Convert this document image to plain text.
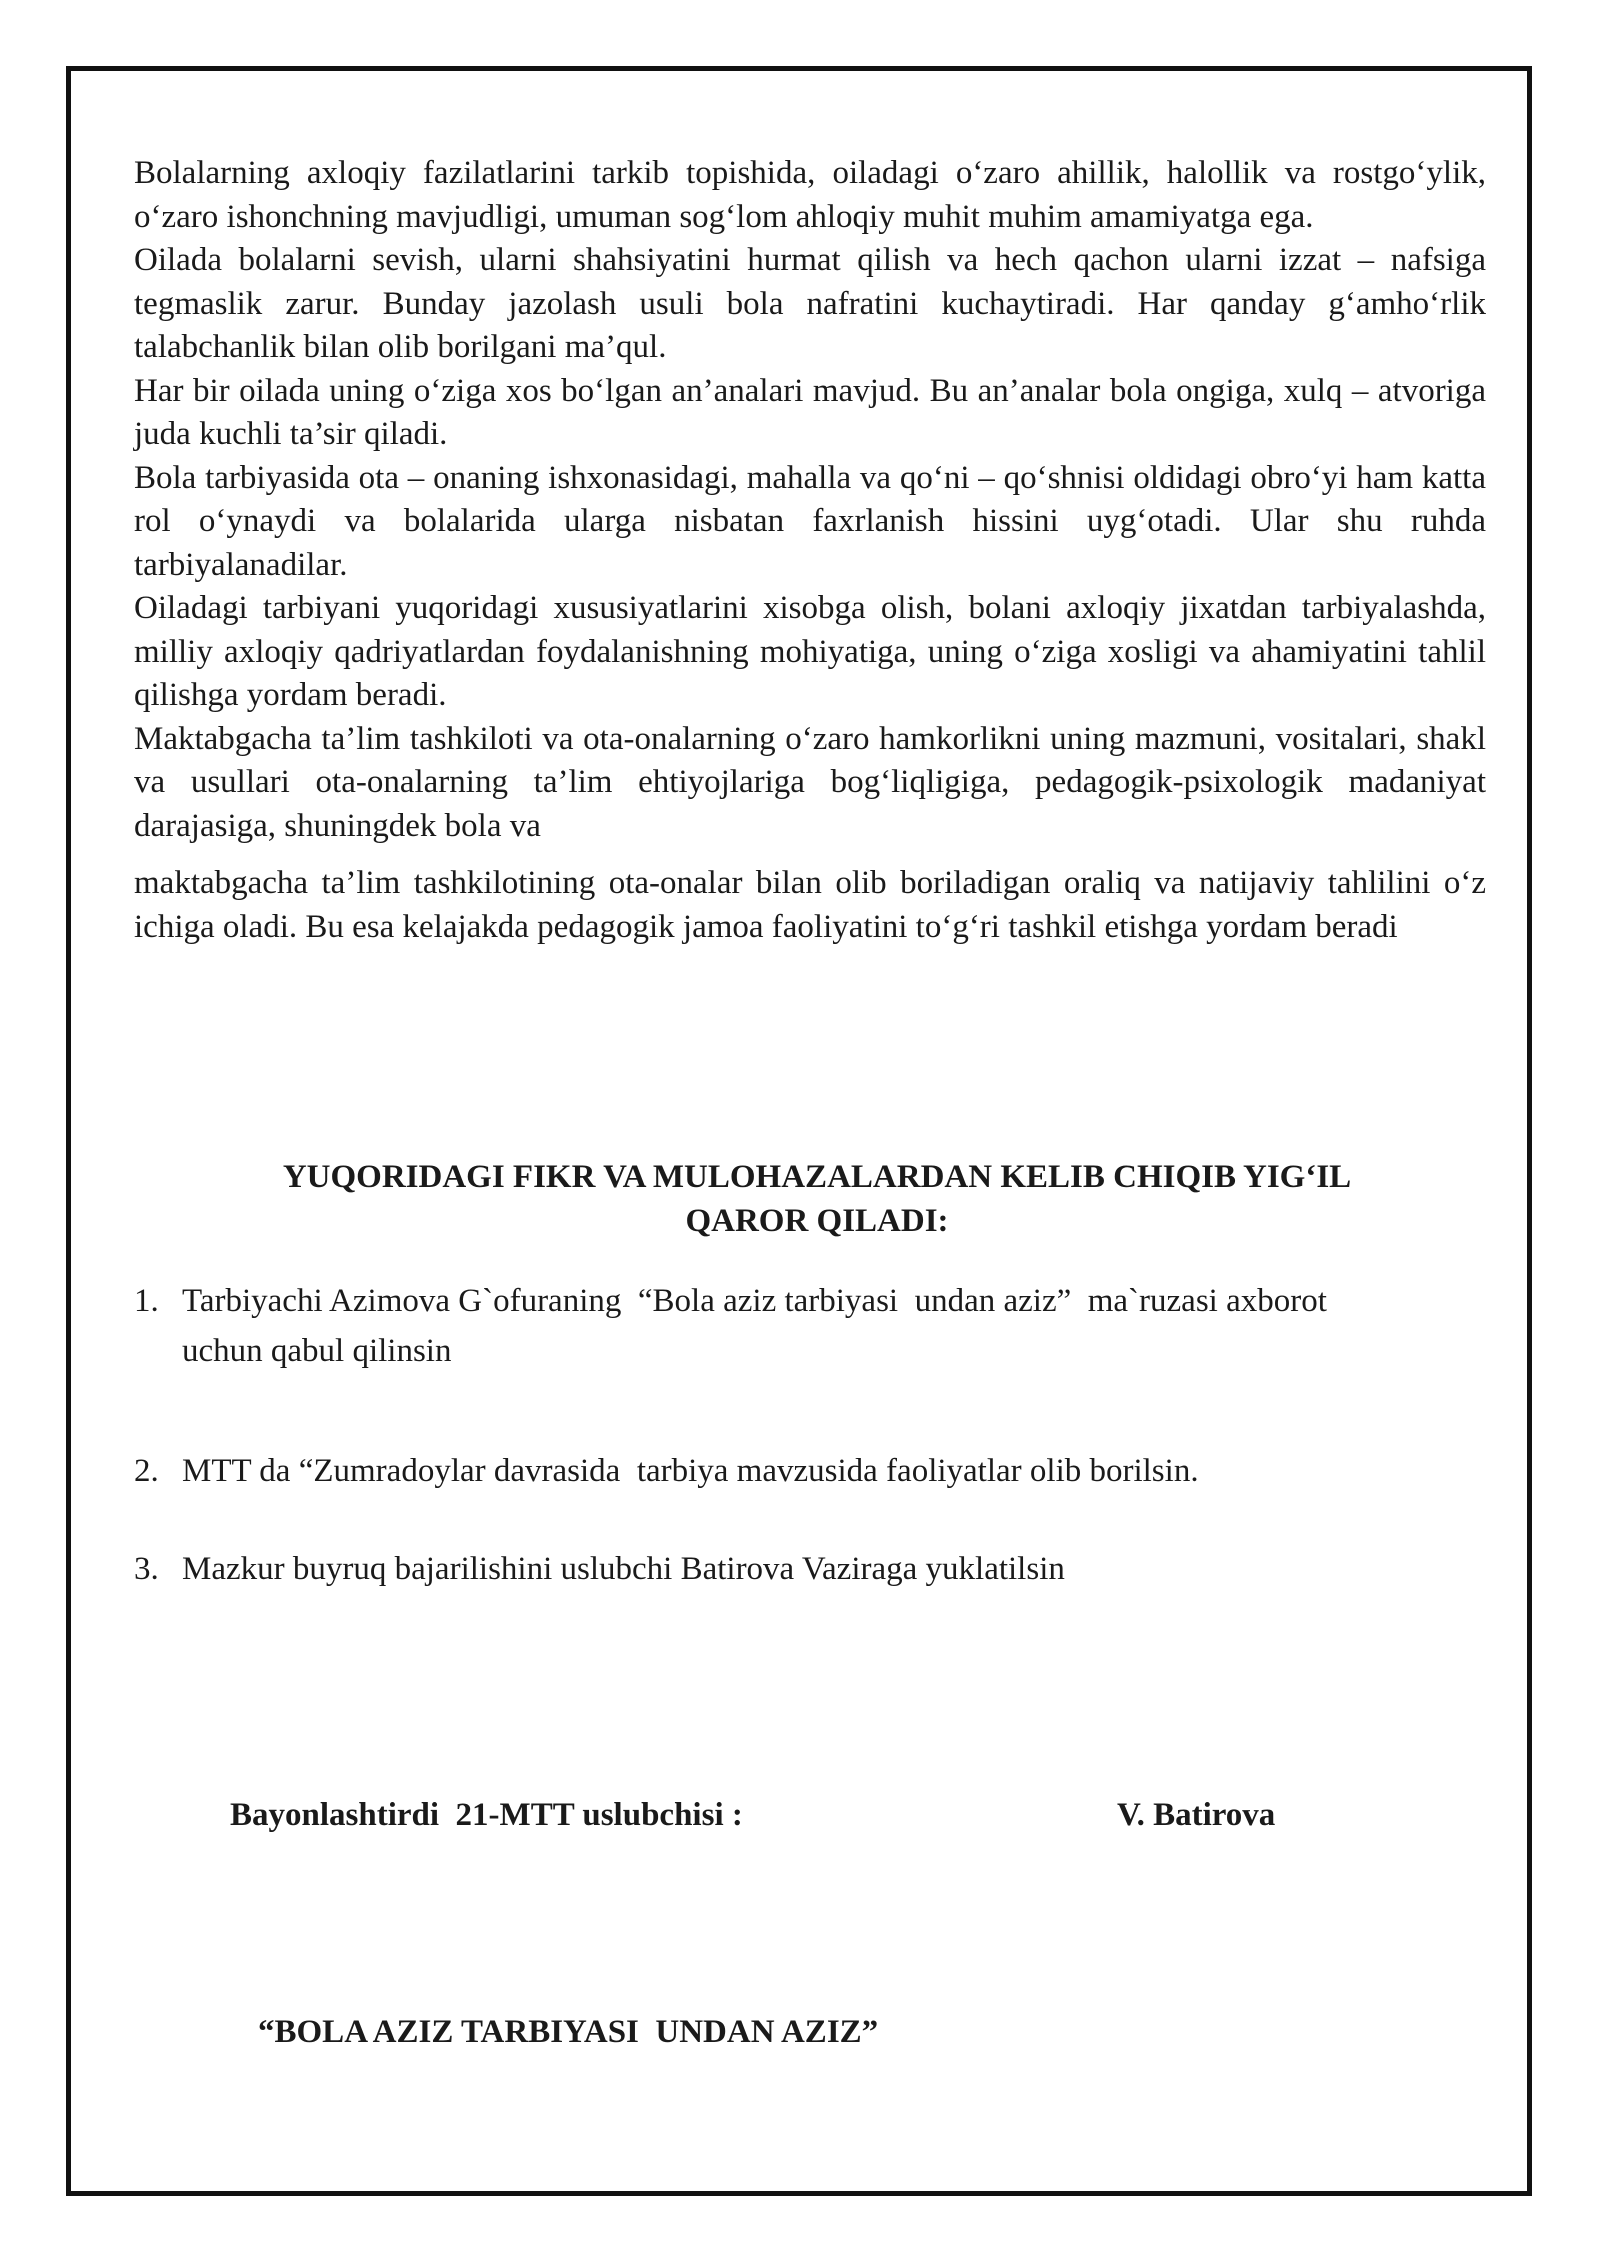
Bolalarning axloqiy fazilatlarini tarkib topishida, oiladagi o‘zaro ahillik, halollik va rostgo‘ylik, o‘zaro ishonchning mavjudligi, umuman sog‘lom ahloqiy muhit muhim amamiyatga ega.

Oilada bolalarni sevish, ularni shahsiyatini hurmat qilish va hech qachon ularni izzat – nafsiga tegmaslik zarur. Bunday jazolash usuli bola nafratini kuchaytiradi. Har qanday g‘amho‘rlik talabchanlik bilan olib borilgani ma’qul.

Har bir oilada uning o‘ziga xos bo‘lgan an’analari mavjud. Bu an’analar bola ongiga, xulq – atvoriga juda kuchli ta’sir qiladi.

Bola tarbiyasida ota – onaning ishxonasidagi, mahalla va qo‘ni – qo‘shnisi oldidagi obro‘yi ham katta rol o‘ynaydi va bolalarida ularga nisbatan faxrlanish hissini uyg‘otadi. Ular shu ruhda tarbiyalanadilar.

Oiladagi tarbiyani yuqoridagi xususiyatlarini xisobga olish, bolani axloqiy jixatdan tarbiyalashda, milliy axloqiy qadriyatlardan foydalanishning mohiyatiga, uning o‘ziga xosligi va ahamiyatini tahlil qilishga yordam beradi.

Maktabgacha ta’lim tashkiloti va ota-onalarning o‘zaro hamkorlikni uning mazmuni, vositalari, shakl va usullari ota-onalarning ta’lim ehtiyojlariga bog‘liqligiga, pedagogik-psixologik madaniyat darajasiga, shuningdek bola va

maktabgacha ta’lim tashkilotining ota-onalar bilan olib boriladigan oraliq va natijaviy tahlilini o‘z ichiga oladi. Bu esa kelajakda pedagogik jamoa faoliyatini to‘g‘ri tashkil etishga yordam beradi

YUQORIDAGI FIKR VA MULOHAZALARDAN KELIB CHIQIB YIG‘IL
QAROR QILADI:
1. Tarbiyachi Azimova G`ofuraning  “Bola aziz tarbiyasi  undan aziz”  ma`ruzasi axborot     uchun qabul qilinsin
2. MTT da “Zumradoylar davrasida  tarbiya mavzusida faoliyatlar olib borilsin.
3. Mazkur buyruq bajarilishini uslubchi Batirova Vaziraga yuklatilsin
Bayonlashtirdi  21-MTT uslubchisi :	V. Batirova
“BOLA AZIZ TARBIYASI  UNDAN AZIZ”
